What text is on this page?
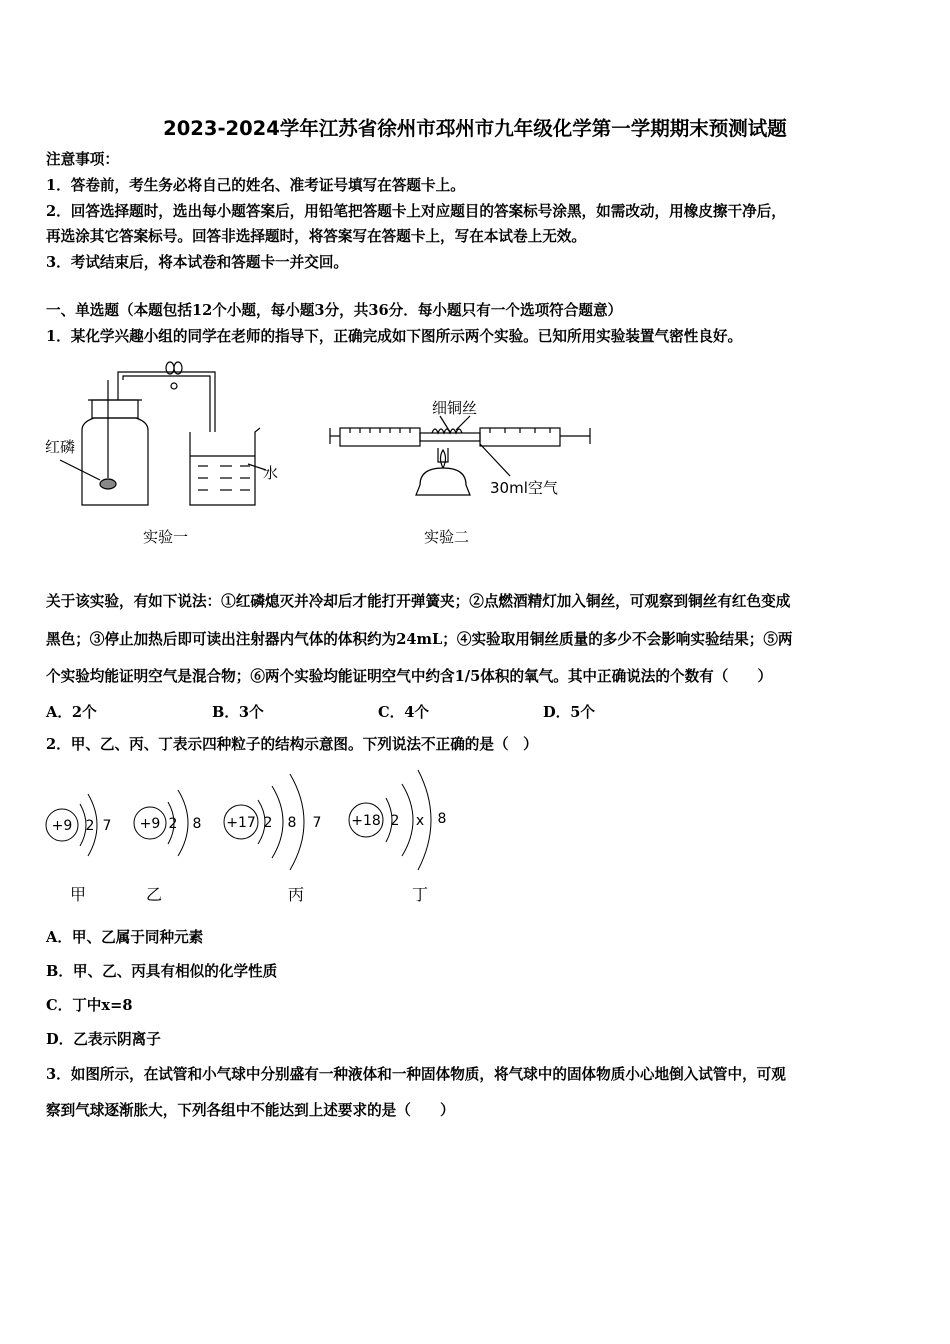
2023-2024学年江苏省徐州市邳州市九年级化学第一学期期末预测试题
注意事项：
1．答卷前，考生务必将自己的姓名、准考证号填写在答题卡上。
2．回答选择题时，选出每小题答案后，用铅笔把答题卡上对应题目的答案标号涂黑，如需改动，用橡皮擦干净后，
再选涂其它答案标号。回答非选择题时，将答案写在答题卡上，写在本试卷上无效。
3．考试结束后，将本试卷和答题卡一并交回。
一、单选题（本题包括12个小题，每小题3分，共36分．每小题只有一个选项符合题意）
1．某化学兴趣小组的同学在老师的指导下，正确完成如下图所示两个实验。已知所用实验装置气密性良好。
红磷
水
实验一
细铜丝
30ml空气
实验二
关于该实验，有如下说法：①红磷熄灭并冷却后才能打开弹簧夹；②点燃酒精灯加入铜丝，可观察到铜丝有红色变成
黑色；③停止加热后即可读出注射器内气体的体积约为24mL；④实验取用铜丝质量的多少不会影响实验结果；⑤两
个实验均能证明空气是混合物；⑥两个实验均能证明空气中约含1/5体积的氧气。其中正确说法的个数有（　　）
A．2个	B．3个	C．4个	D．5个
2．甲、乙、丙、丁表示四种粒子的结构示意图。下列说法不正确的是（　）
+9 2 7 +9 2 8 +17 2 8 7 +18 2 x 8
甲	乙	丙	丁
A．甲、乙属于同种元素
B．甲、乙、丙具有相似的化学性质
C．丁中x=8
D．乙表示阴离子
3．如图所示，在试管和小气球中分别盛有一种液体和一种固体物质，将气球中的固体物质小心地倒入试管中，可观
察到气球逐渐胀大，下列各组中不能达到上述要求的是（　　）
